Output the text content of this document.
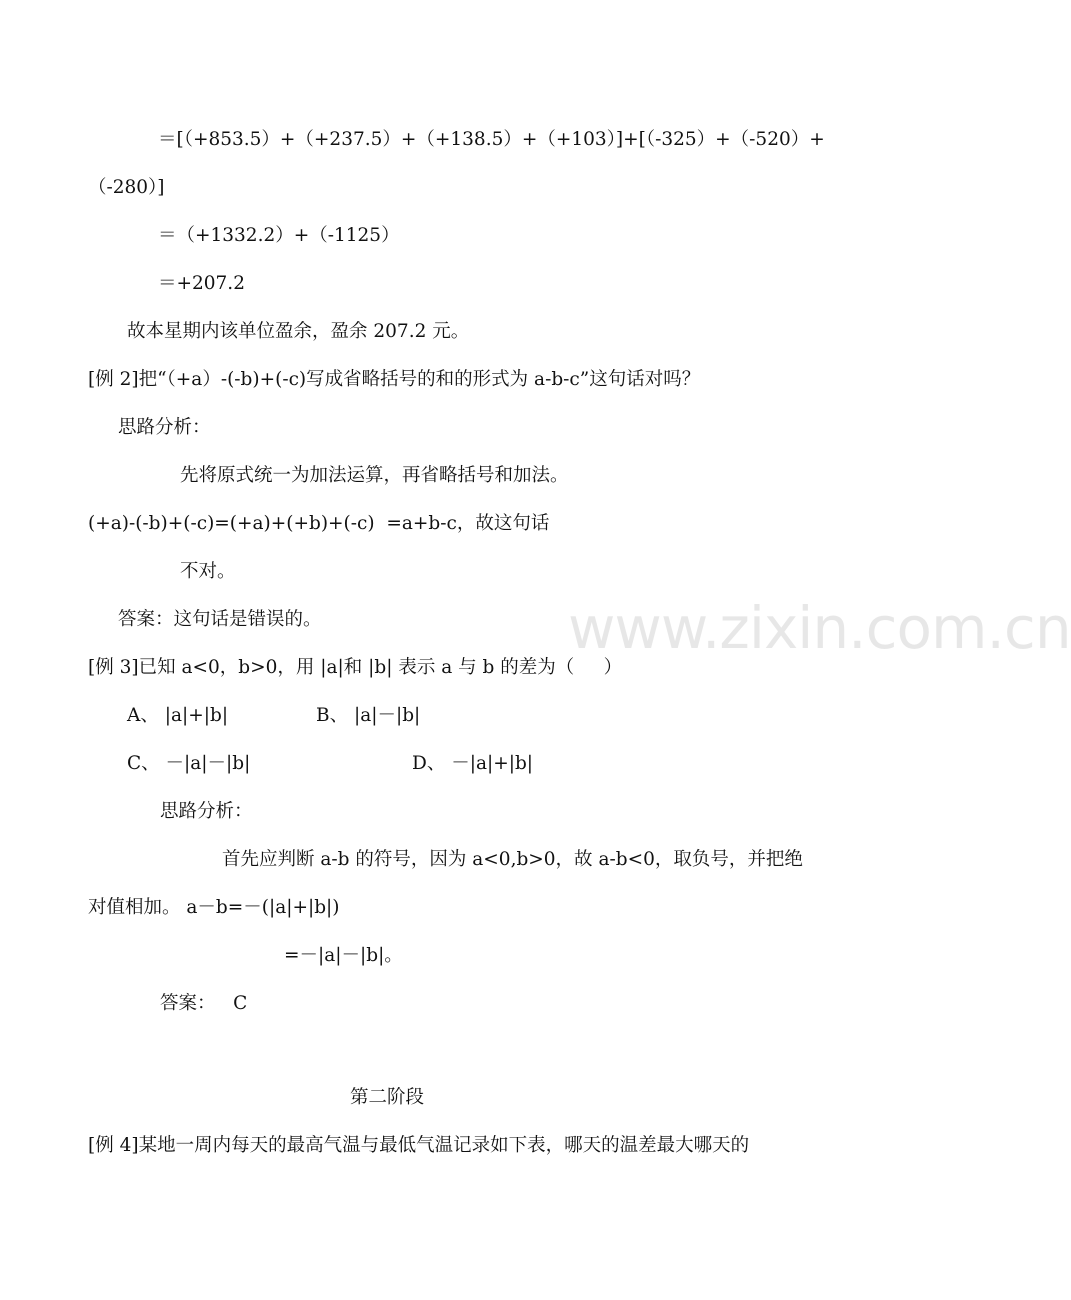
www.zixin.com.cn
＝[（+853.5）+（+237.5）+（+138.5）+（+103）]+[（-325）+（-520）+
（-280）]
＝（+1332.2）+（-1125）
＝+207.2
故本星期内该单位盈余，盈余 207.2 元。
[例 2]把“（+a）-(-b)+(-c)写成省略括号的和的形式为 a-b-c”这句话对吗？
思路分析：
先将原式统一为加法运算，再省略括号和加法。
(+a)-(-b)+(-c)=(+a)+(+b)+(-c)  =a+b-c，故这句话
不对。
答案：这句话是错误的。
[例 3]已知 a<0，b>0，用 |a|和 |b| 表示 a 与 b 的差为（     ）
A、 |a|+|b|	B、 |a|－|b|
C、 －|a|－|b|	D、 －|a|+|b|
思路分析：
首先应判断 a-b 的符号，因为 a<0,b>0，故 a-b<0，取负号，并把绝
对值相加。 a－b=－(|a|+|b|)
=－|a|－|b|。
答案：   C
第二阶段
[例 4]某地一周内每天的最高气温与最低气温记录如下表，哪天的温差最大哪天的
